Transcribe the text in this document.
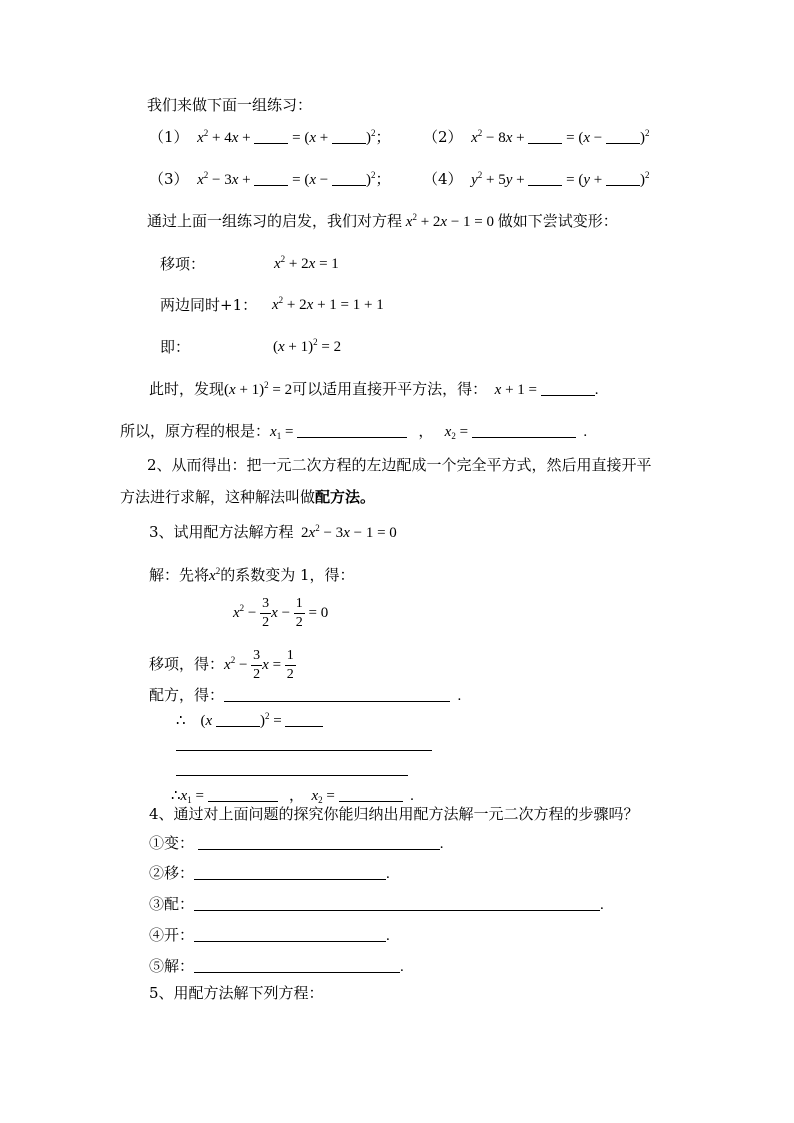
我们来做下面一组练习：
（1） $x^2 + 4x$ +  = $(x + )^2$； （2） $x^2 - 8x$ +  = $(x - )^2$
（3） $x^2 - 3x$ +  = $(x - )^2$； （4） $y^2 + 5y$ +  = $(y + )^2$
通过上面一组练习的启发，我们对方程 $x^2 + 2x - 1 = 0$ 做如下尝试变形：
移项：	$x^2 + 2x = 1$
两边同时+1： $x^2 + 2x + 1 = 1 + 1$
即：	$(x + 1)^2 = 2$
此时，发现$(x + 1)^2 = 2$可以适用直接开平方法，得： x + 1 =	.
所以，原方程的根是：$x_1$ =	，   $x_2$ =	.
2、从而得出：把一元二次方程的左边配成一个完全平方式，然后用直接开平
方法进行求解，这种解法叫做配方法。
3、试用配方法解方程  $2x^2 - 3x - 1 = 0$
解：先将$x^2$的系数变为 1，得：
$x^2 - \frac{3}{2}$ $x - \frac{1}{2} = 0$
移项，得：$x^2 - \frac{3}{2}$ $x = \frac{1}{2}$
配方，得：	.
∴    (x	)$^2$ =
$\therefore x_1$ =	，  $x_2$ =	.
4、通过对上面问题的探究你能归纳出用配方法解一元二次方程的步骤吗？
①变：	.
②移：	.
③配：	.
④开：	.
⑤解：	.
5、用配方法解下列方程：
